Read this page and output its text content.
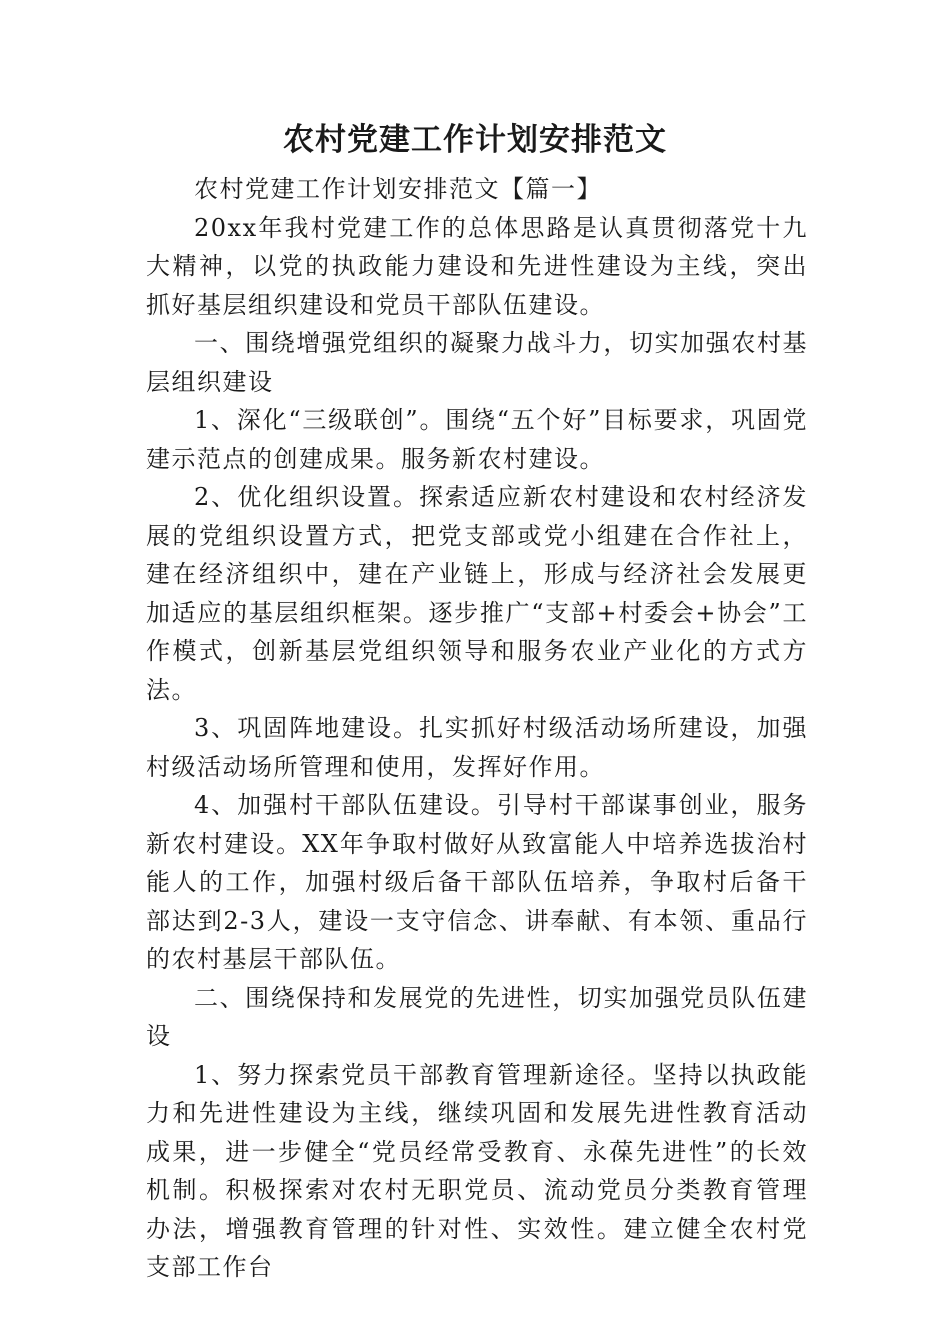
农村党建工作计划安排范文

农村党建工作计划安排范文【篇一】

20xx年我村党建工作的总体思路是认真贯彻落党十九大精神，以党的执政能力建设和先进性建设为主线，突出抓好基层组织建设和党员干部队伍建设。

一、围绕增强党组织的凝聚力战斗力，切实加强农村基层组织建设

1、深化“三级联创”。围绕“五个好”目标要求，巩固党建示范点的创建成果。服务新农村建设。

2、优化组织设置。探索适应新农村建设和农村经济发展的党组织设置方式，把党支部或党小组建在合作社上，建在经济组织中，建在产业链上，形成与经济社会发展更加适应的基层组织框架。逐步推广“支部+村委会+协会”工作模式，创新基层党组织领导和服务农业产业化的方式方法。

3、巩固阵地建设。扎实抓好村级活动场所建设，加强村级活动场所管理和使用，发挥好作用。

4、加强村干部队伍建设。引导村干部谋事创业，服务新农村建设。XX年争取村做好从致富能人中培养选拔治村能人的工作，加强村级后备干部队伍培养，争取村后备干部达到2-3人，建设一支守信念、讲奉献、有本领、重品行的农村基层干部队伍。

二、围绕保持和发展党的先进性，切实加强党员队伍建设

1、努力探索党员干部教育管理新途径。坚持以执政能力和先进性建设为主线，继续巩固和发展先进性教育活动成果，进一步健全“党员经常受教育、永葆先进性”的长效机制。积极探索对农村无职党员、流动党员分类教育管理办法，增强教育管理的针对性、实效性。建立健全农村党支部工作台
